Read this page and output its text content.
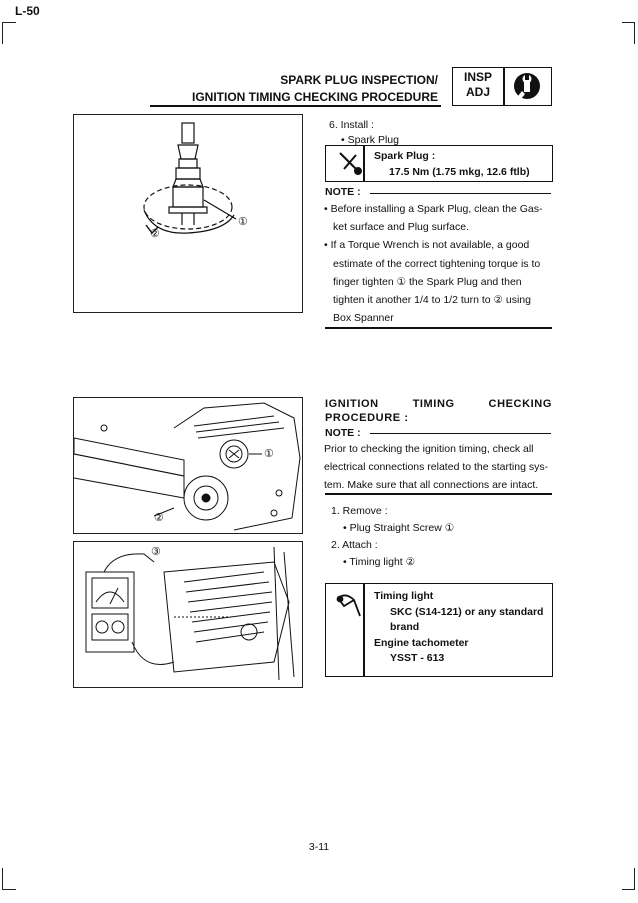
L-50
SPARK PLUG INSPECTION/
IGNITION TIMING CHECKING PROCEDURE
INSP
ADJ
①
②
6. Install :
• Spark Plug
Spark Plug :
17.5 Nm (1.75 mkg, 12.6 ftlb)
NOTE :
• Before installing a Spark Plug, clean the Gas-
ket surface and Plug surface.
• If a Torque Wrench is not available, a good
estimate of the correct tightening torque is to
finger tighten ① the Spark Plug and then
tighten it another 1/4 to 1/2 turn to ② using
Box Spanner
①
②
③
IGNITION	TIMING	CHECKING
PROCEDURE :
NOTE :
Prior to checking the ignition timing, check all
electrical connections related to the starting sys-
tem. Make sure that all connections are intact.
1. Remove :
• Plug Straight Screw ①
2. Attach :
• Timing light ②
Timing light
SKC (S14-121) or any standard
brand
Engine tachometer
YSST - 613
3-11
